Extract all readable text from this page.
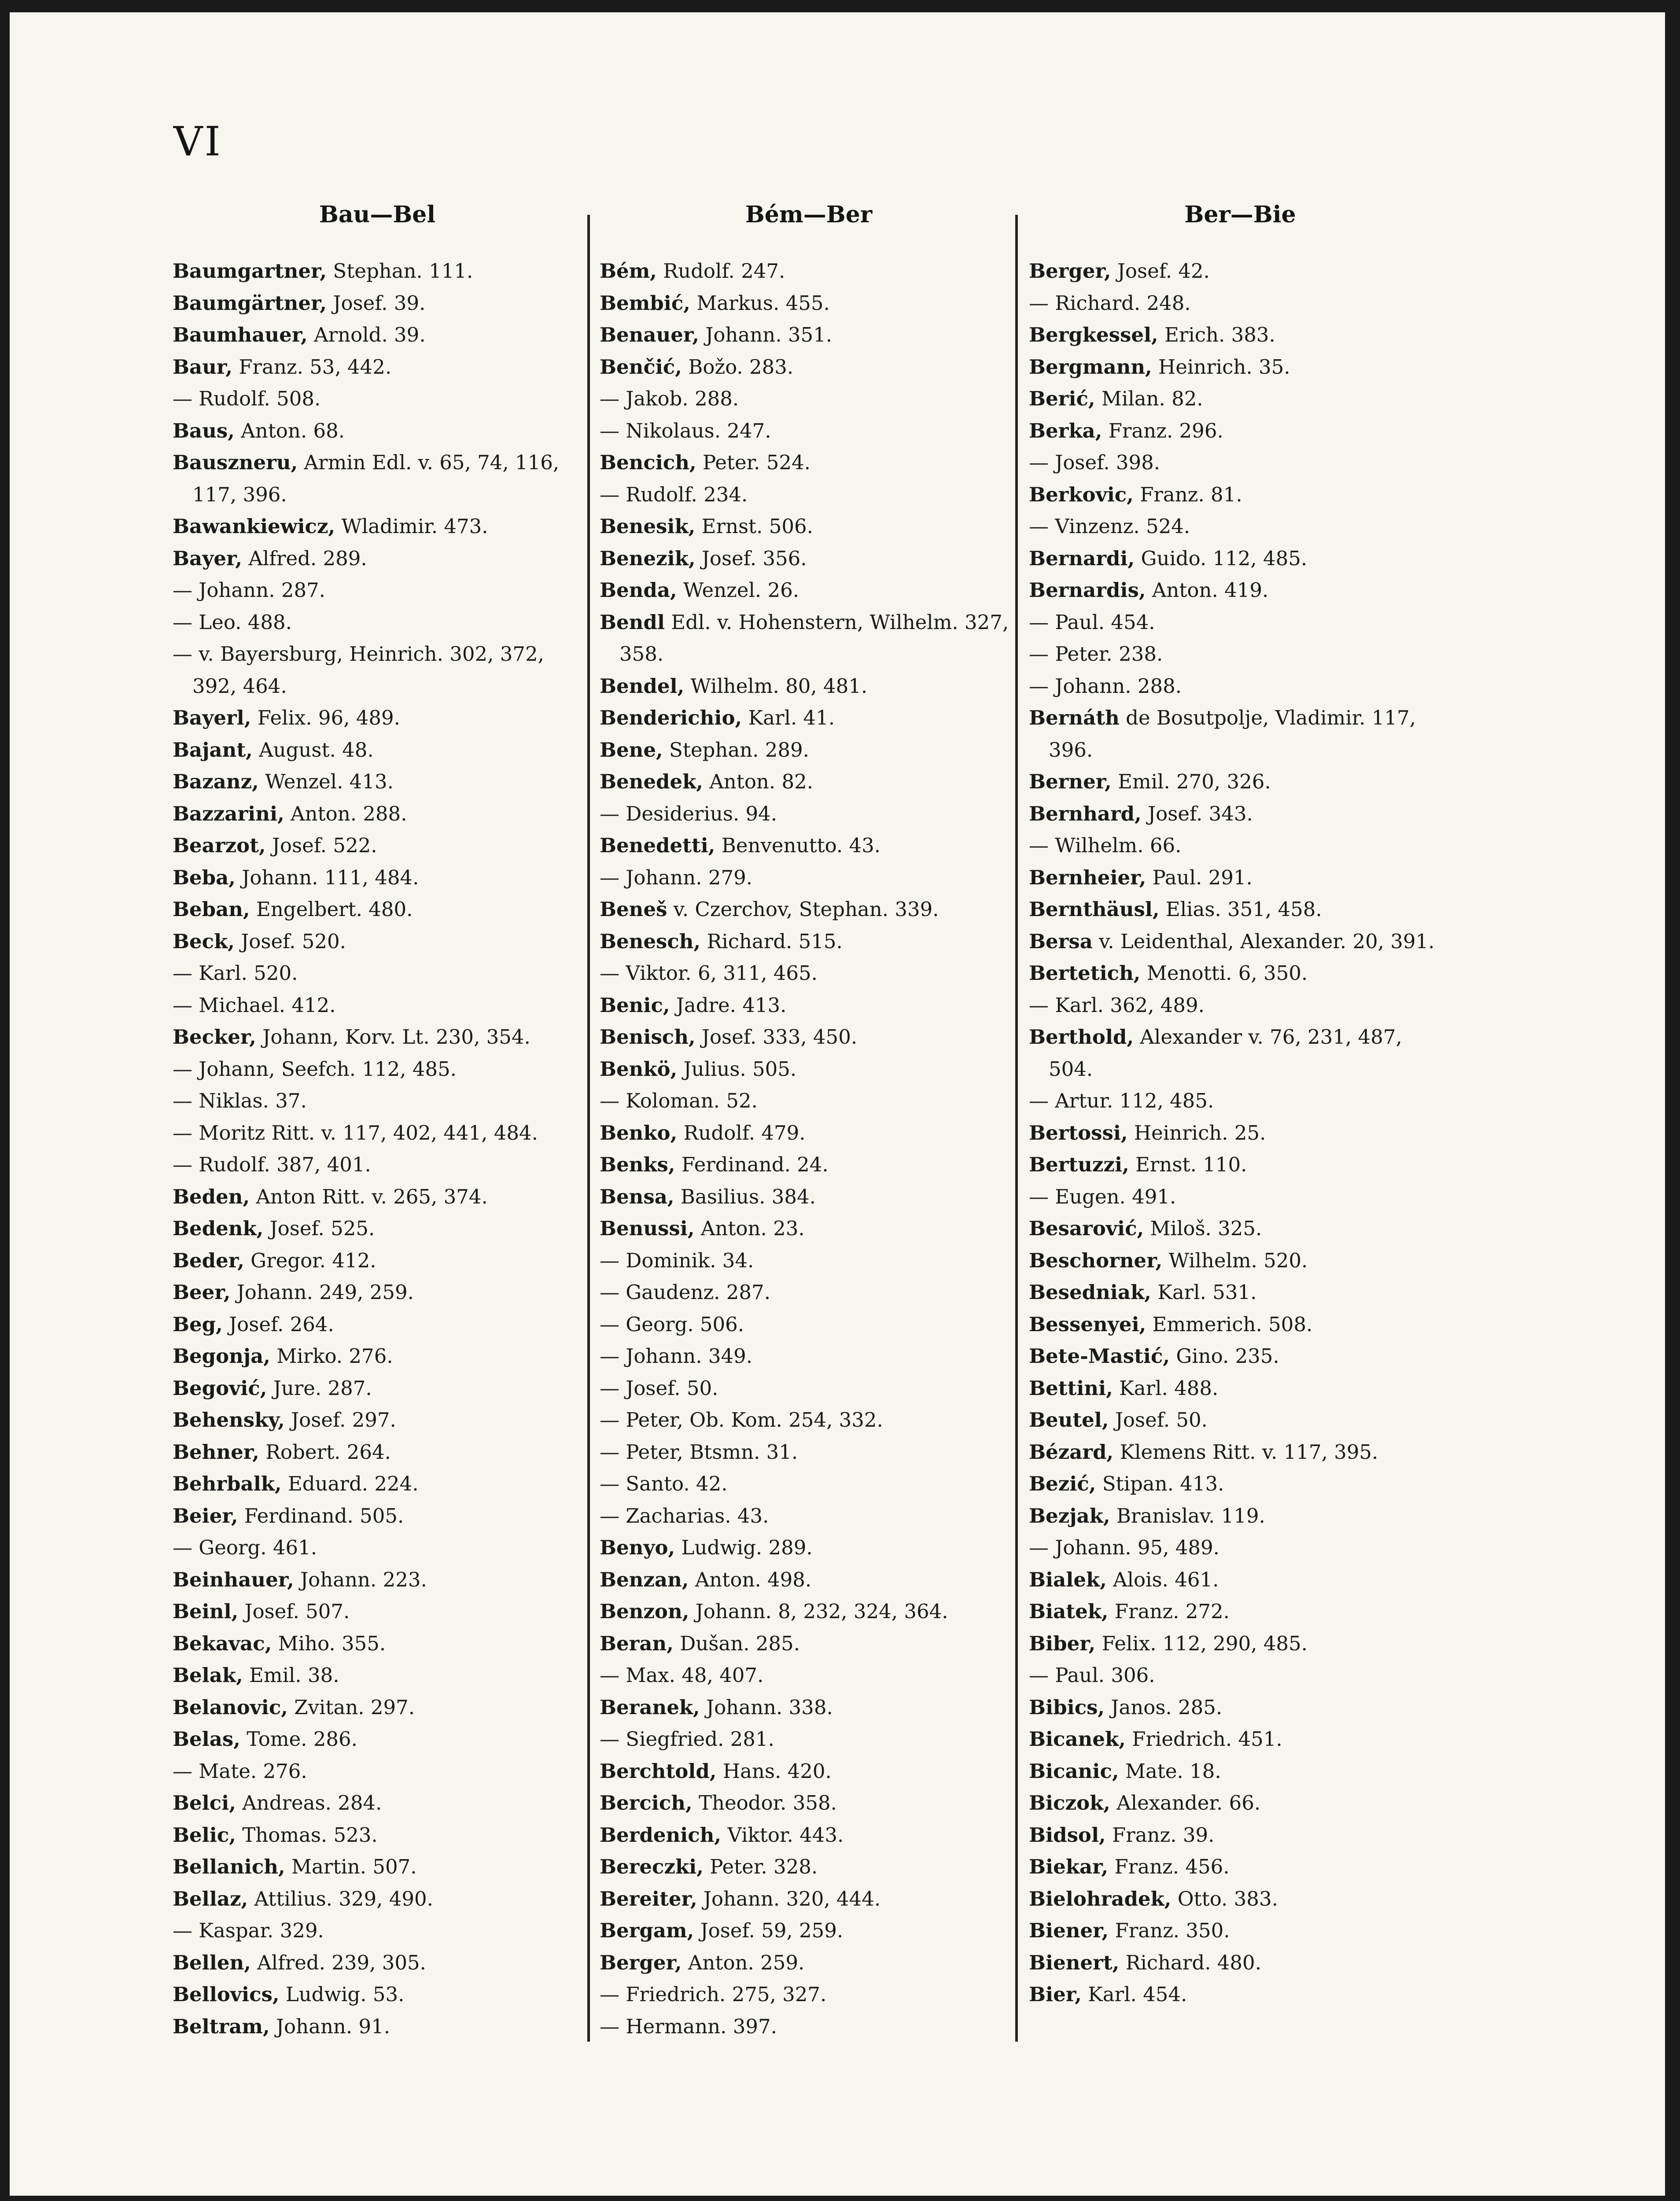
VI
Bau—Bel
Baumgartner, Stephan. 111.
Baumgärtner, Josef. 39.
Baumhauer, Arnold. 39.
Baur, Franz. 53, 442.
— Rudolf. 508.
Baus, Anton. 68.
Bauszneru, Armin Edl. v. 65, 74, 116, 117, 396.
Bawankiewicz, Wladimir. 473.
Bayer, Alfred. 289.
— Johann. 287.
— Leo. 488.
— v. Bayersburg, Heinrich. 302, 372, 392, 464.
Bayerl, Felix. 96, 489.
Bajant, August. 48.
Bazanz, Wenzel. 413.
Bazzarini, Anton. 288.
Bearzot, Josef. 522.
Beba, Johann. 111, 484.
Beban, Engelbert. 480.
Beck, Josef. 520.
— Karl. 520.
— Michael. 412.
Becker, Johann, Korv. Lt. 230, 354.
— Johann, Seefch. 112, 485.
— Niklas. 37.
— Moritz Ritt. v. 117, 402, 441, 484.
— Rudolf. 387, 401.
Beden, Anton Ritt. v. 265, 374.
Bedenk, Josef. 525.
Beder, Gregor. 412.
Beer, Johann. 249, 259.
Beg, Josef. 264.
Begonja, Mirko. 276.
Begović, Jure. 287.
Behensky, Josef. 297.
Behner, Robert. 264.
Behrbalk, Eduard. 224.
Beier, Ferdinand. 505.
— Georg. 461.
Beinhauer, Johann. 223.
Beinl, Josef. 507.
Bekavac, Miho. 355.
Belak, Emil. 38.
Belanovic, Zvitan. 297.
Belas, Tome. 286.
— Mate. 276.
Belci, Andreas. 284.
Belic, Thomas. 523.
Bellanich, Martin. 507.
Bellaz, Attilius. 329, 490.
— Kaspar. 329.
Bellen, Alfred. 239, 305.
Bellovics, Ludwig. 53.
Beltram, Johann. 91.
Bém—Ber
Bém, Rudolf. 247.
Bembić, Markus. 455.
Benauer, Johann. 351.
Benčić, Božo. 283.
— Jakob. 288.
— Nikolaus. 247.
Bencich, Peter. 524.
— Rudolf. 234.
Benesik, Ernst. 506.
Benezik, Josef. 356.
Benda, Wenzel. 26.
Bendl Edl. v. Hohenstern, Wilhelm. 327, 358.
Bendel, Wilhelm. 80, 481.
Benderichio, Karl. 41.
Bene, Stephan. 289.
Benedek, Anton. 82.
— Desiderius. 94.
Benedetti, Benvenutto. 43.
— Johann. 279.
Beneš v. Czerchov, Stephan. 339.
Benesch, Richard. 515.
— Viktor. 6, 311, 465.
Benic, Jadre. 413.
Benisch, Josef. 333, 450.
Benkö, Julius. 505.
— Koloman. 52.
Benko, Rudolf. 479.
Benks, Ferdinand. 24.
Bensa, Basilius. 384.
Benussi, Anton. 23.
— Dominik. 34.
— Gaudenz. 287.
— Georg. 506.
— Johann. 349.
— Josef. 50.
— Peter, Ob. Kom. 254, 332.
— Peter, Btsmn. 31.
— Santo. 42.
— Zacharias. 43.
Benyo, Ludwig. 289.
Benzan, Anton. 498.
Benzon, Johann. 8, 232, 324, 364.
Beran, Dušan. 285.
— Max. 48, 407.
Beranek, Johann. 338.
— Siegfried. 281.
Berchtold, Hans. 420.
Bercich, Theodor. 358.
Berdenich, Viktor. 443.
Bereczki, Peter. 328.
Bereiter, Johann. 320, 444.
Bergam, Josef. 59, 259.
Berger, Anton. 259.
— Friedrich. 275, 327.
— Hermann. 397.
Ber—Bie
Berger, Josef. 42.
— Richard. 248.
Bergkessel, Erich. 383.
Bergmann, Heinrich. 35.
Berić, Milan. 82.
Berka, Franz. 296.
— Josef. 398.
Berkovic, Franz. 81.
— Vinzenz. 524.
Bernardi, Guido. 112, 485.
Bernardis, Anton. 419.
— Paul. 454.
— Peter. 238.
— Johann. 288.
Bernáth de Bosutpolje, Vladimir. 117, 396.
Berner, Emil. 270, 326.
Bernhard, Josef. 343.
— Wilhelm. 66.
Bernheier, Paul. 291.
Bernthäusl, Elias. 351, 458.
Bersa v. Leidenthal, Alexander. 20, 391.
Bertetich, Menotti. 6, 350.
— Karl. 362, 489.
Berthold, Alexander v. 76, 231, 487, 504.
— Artur. 112, 485.
Bertossi, Heinrich. 25.
Bertuzzi, Ernst. 110.
— Eugen. 491.
Besarović, Miloš. 325.
Beschorner, Wilhelm. 520.
Besedniak, Karl. 531.
Bessenyei, Emmerich. 508.
Bete-Mastić, Gino. 235.
Bettini, Karl. 488.
Beutel, Josef. 50.
Bézard, Klemens Ritt. v. 117, 395.
Bezić, Stipan. 413.
Bezjak, Branislav. 119.
— Johann. 95, 489.
Bialek, Alois. 461.
Biatek, Franz. 272.
Biber, Felix. 112, 290, 485.
— Paul. 306.
Bibics, Janos. 285.
Bicanek, Friedrich. 451.
Bicanic, Mate. 18.
Biczok, Alexander. 66.
Bidsol, Franz. 39.
Biekar, Franz. 456.
Bielohradek, Otto. 383.
Biener, Franz. 350.
Bienert, Richard. 480.
Bier, Karl. 454.
